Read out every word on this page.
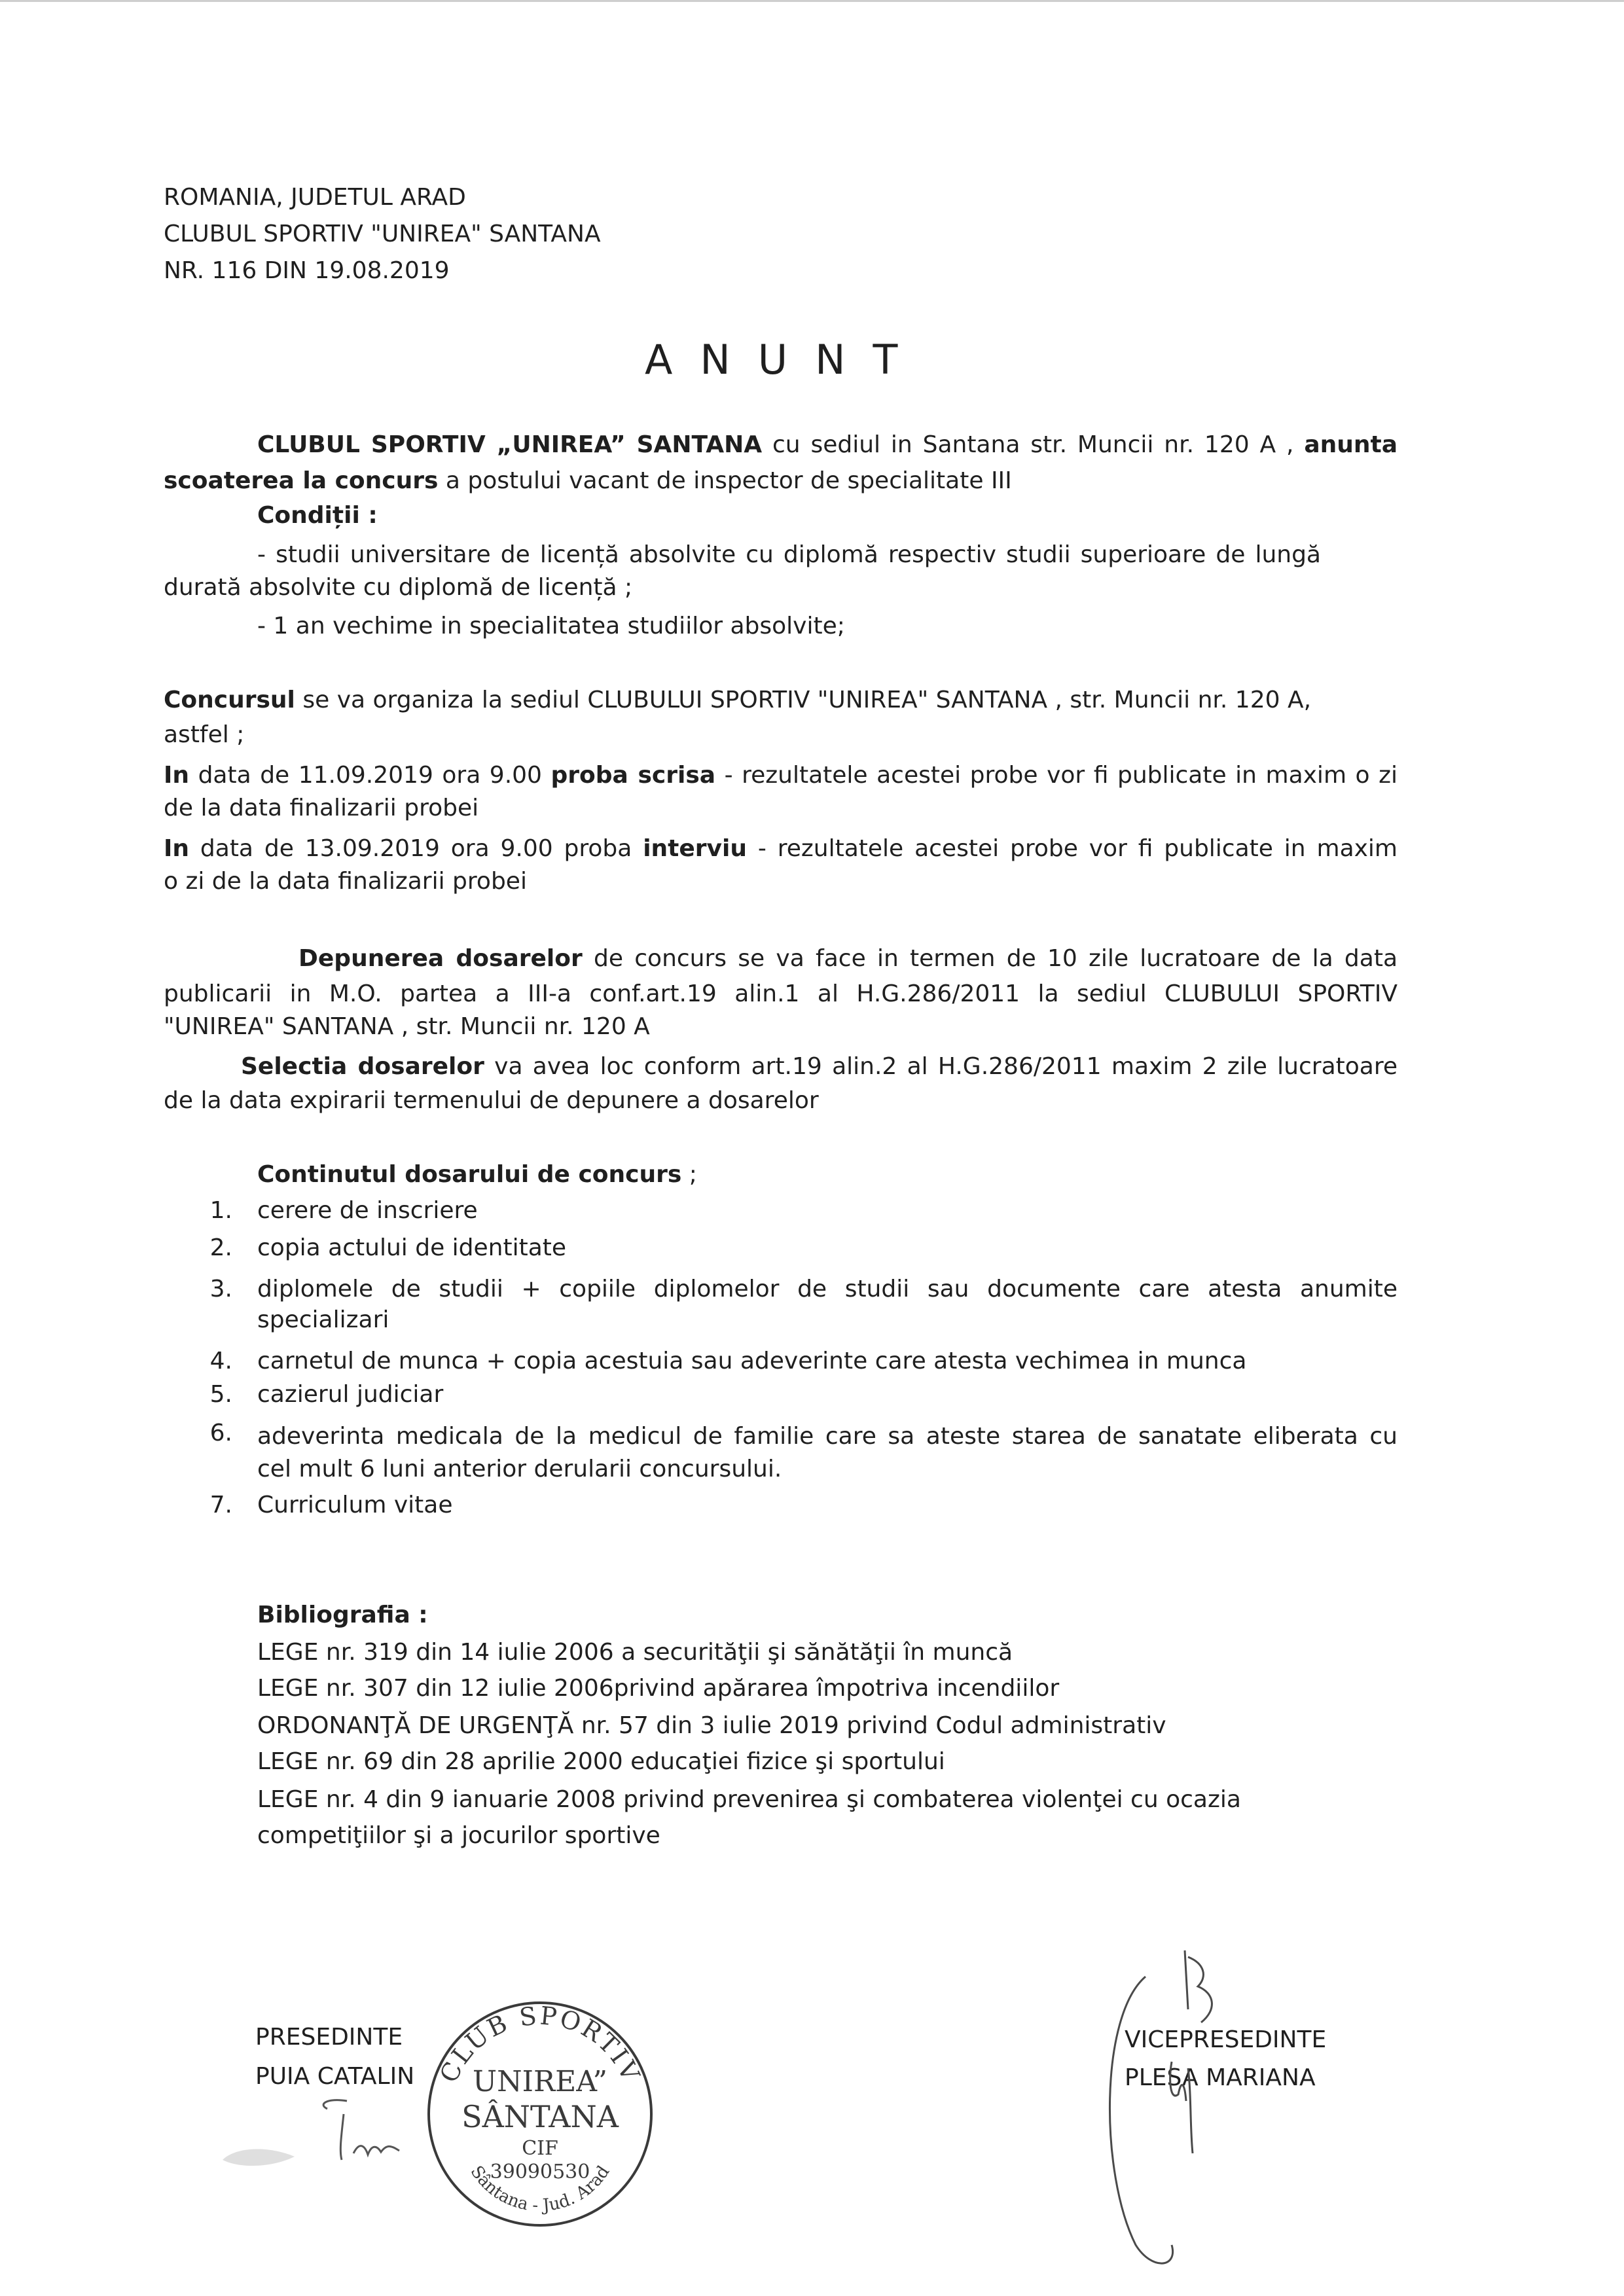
ROMANIA, JUDETUL ARAD
CLUBUL SPORTIV "UNIREA" SANTANA
NR. 116 DIN 19.08.2019
ANUNT
CLUBUL SPORTIV „UNIREA” SANTANA cu sediul in Santana str. Muncii nr. 120 A , anunta
scoaterea la concurs a postului vacant de inspector de specialitate III
Condiții :
- studii universitare de licență absolvite cu diplomă respectiv studii superioare de lungă
durată absolvite cu diplomă de licență ;
- 1 an vechime in specialitatea studiilor absolvite;
Concursul se va organiza la sediul CLUBULUI SPORTIV "UNIREA" SANTANA , str. Muncii nr. 120 A,
astfel ;
In data de 11.09.2019 ora 9.00 proba scrisa - rezultatele acestei probe vor fi publicate in maxim o zi
de la data finalizarii probei
In data de 13.09.2019 ora 9.00 proba interviu - rezultatele acestei probe vor fi publicate in maxim
o zi de la data finalizarii probei
Depunerea dosarelor de concurs se va face in termen de 10 zile lucratoare de la data
publicarii in M.O. partea a III-a conf.art.19 alin.1 al H.G.286/2011 la sediul CLUBULUI SPORTIV
"UNIREA" SANTANA , str. Muncii nr. 120 A
Selectia dosarelor va avea loc conform art.19 alin.2 al H.G.286/2011 maxim 2 zile lucratoare
de la data expirarii termenului de depunere a dosarelor
Continutul dosarului de concurs ;
1. cerere de inscriere
2. copia actului de identitate
3. diplomele de studii + copiile diplomelor de studii sau documente care atesta anumite
specializari
4. carnetul de munca + copia acestuia sau adeverinte care atesta vechimea in munca
5. cazierul judiciar
6. adeverinta medicala de la medicul de familie care sa ateste starea de sanatate eliberata cu
cel mult 6 luni anterior derularii concursului.
7. Curriculum vitae
Bibliografia :
LEGE nr. 319 din 14 iulie 2006 a securităţii şi sănătăţii în muncă
LEGE nr. 307 din 12 iulie 2006privind apărarea împotriva incendiilor
ORDONANŢĂ DE URGENŢĂ nr. 57 din 3 iulie 2019 privind Codul administrativ
LEGE nr. 69 din 28 aprilie 2000 educaţiei fizice şi sportului
LEGE nr. 4 din 9 ianuarie 2008 privind prevenirea şi combaterea violenţei cu ocazia
competiţiilor şi a jocurilor sportive
PRESEDINTE
PUIA CATALIN
VICEPRESEDINTE
PLESA MARIANA
CLUB SPORTIV
UNIREA”
SÂNTANA
CIF
39090530
Sântana - Jud. Arad
